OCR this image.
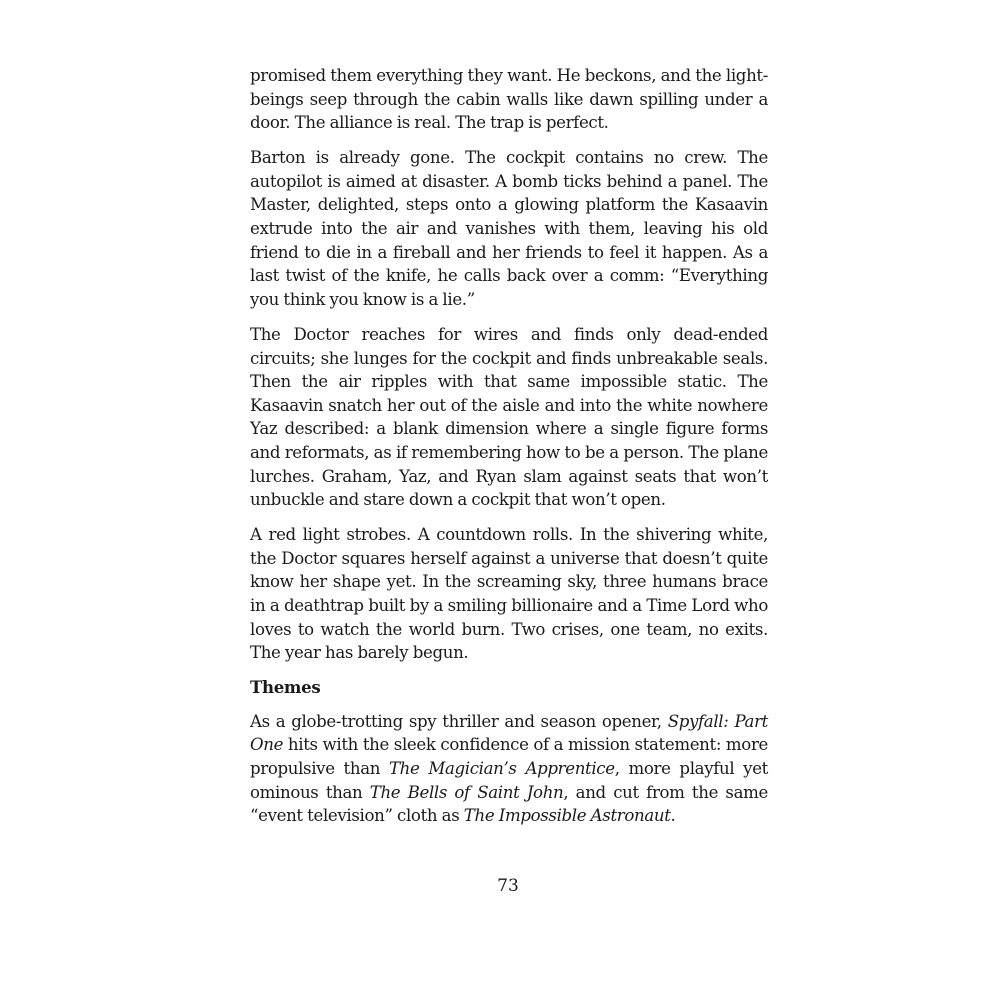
promised them everything they want. He beckons, and the light-beings seep through the cabin walls like dawn spilling under a door. The alliance is real. The trap is perfect.

Barton is already gone. The cockpit contains no crew. The autopilot is aimed at disaster. A bomb ticks behind a panel. The Master, delighted, steps onto a glowing platform the Kasaavin extrude into the air and vanishes with them, leaving his old friend to die in a fireball and her friends to feel it happen. As a last twist of the knife, he calls back over a comm: “Everything you think you know is a lie.”

The Doctor reaches for wires and finds only dead-ended circuits; she lunges for the cockpit and finds unbreakable seals. Then the air ripples with that same impossible static. The Kasaavin snatch her out of the aisle and into the white nowhere Yaz described: a blank dimension where a single figure forms and reformats, as if remembering how to be a person. The plane lurches. Graham, Yaz, and Ryan slam against seats that won’t unbuckle and stare down a cockpit that won’t open.

A red light strobes. A countdown rolls. In the shivering white, the Doctor squares herself against a universe that doesn’t quite know her shape yet. In the screaming sky, three humans brace in a deathtrap built by a smiling billionaire and a Time Lord who loves to watch the world burn. Two crises, one team, no exits. The year has barely begun.

Themes

As a globe-trotting spy thriller and season opener, Spyfall: Part One hits with the sleek confidence of a mission statement: more propulsive than The Magician’s Apprentice, more playful yet ominous than The Bells of Saint John, and cut from the same “event television” cloth as The Impossible Astronaut.

73
